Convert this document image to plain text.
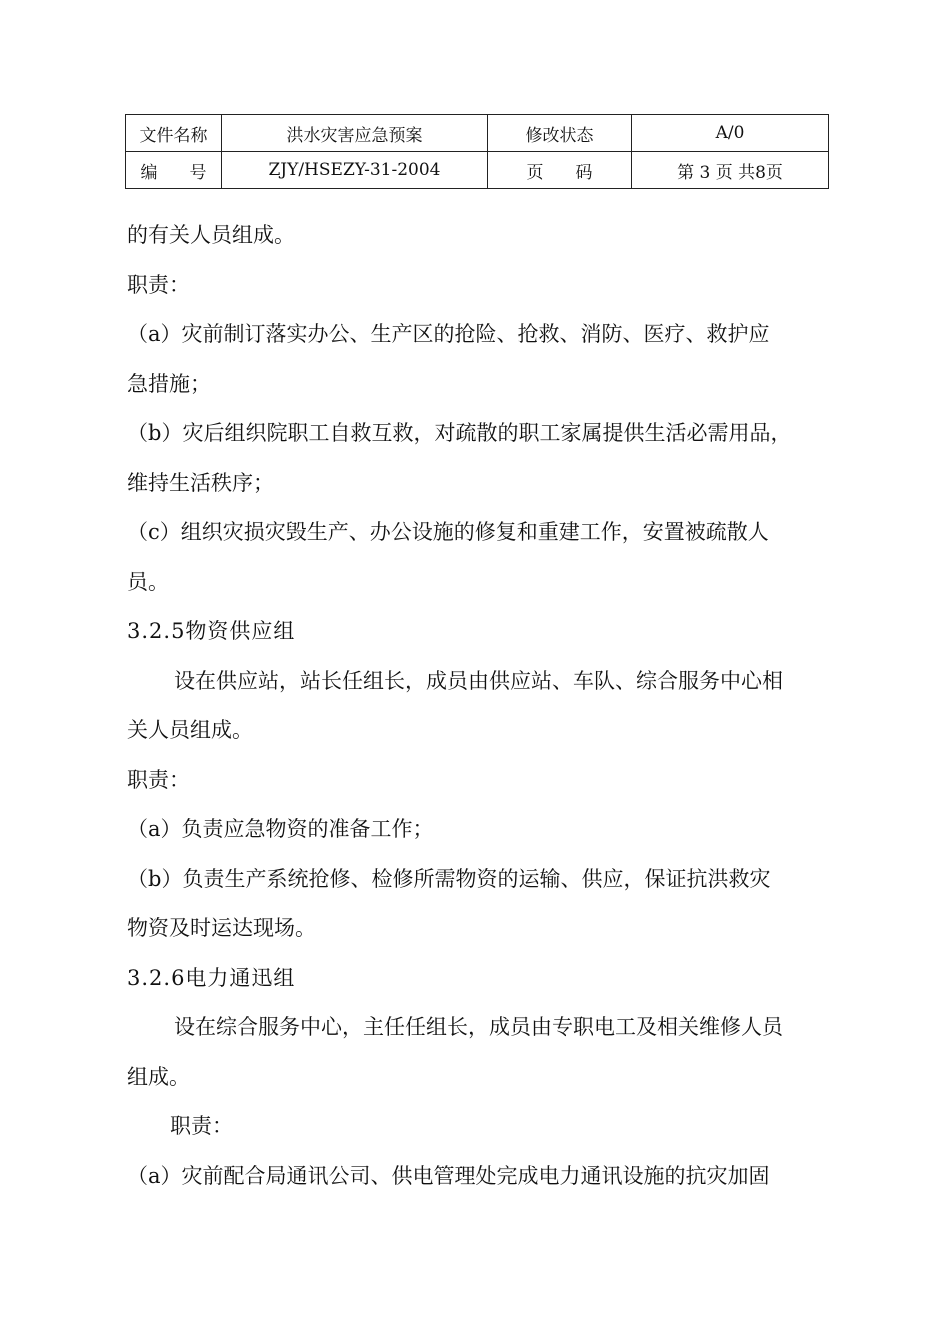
文件名称	洪水灾害应急预案	修改状态	A/0

编 号	ZJY/HSEZY-31-2004	页 码	第 3 页 共8页
的有关人员组成。
职责：
（a）灾前制订落实办公、生产区的抢险、抢救、消防、医疗、救护应
急措施；
（b）灾后组织院职工自救互救，对疏散的职工家属提供生活必需用品，
维持生活秩序；
（c）组织灾损灾毁生产、办公设施的修复和重建工作，安置被疏散人
员。
3.2.5物资供应组
设在供应站，站长任组长，成员由供应站、车队、综合服务中心相
关人员组成。
职责：
（a）负责应急物资的准备工作；
（b）负责生产系统抢修、检修所需物资的运输、供应，保证抗洪救灾
物资及时运达现场。
3.2.6电力通迅组
设在综合服务中心，主任任组长，成员由专职电工及相关维修人员
组成。
职责：
（a）灾前配合局通讯公司、供电管理处完成电力通讯设施的抗灾加固
